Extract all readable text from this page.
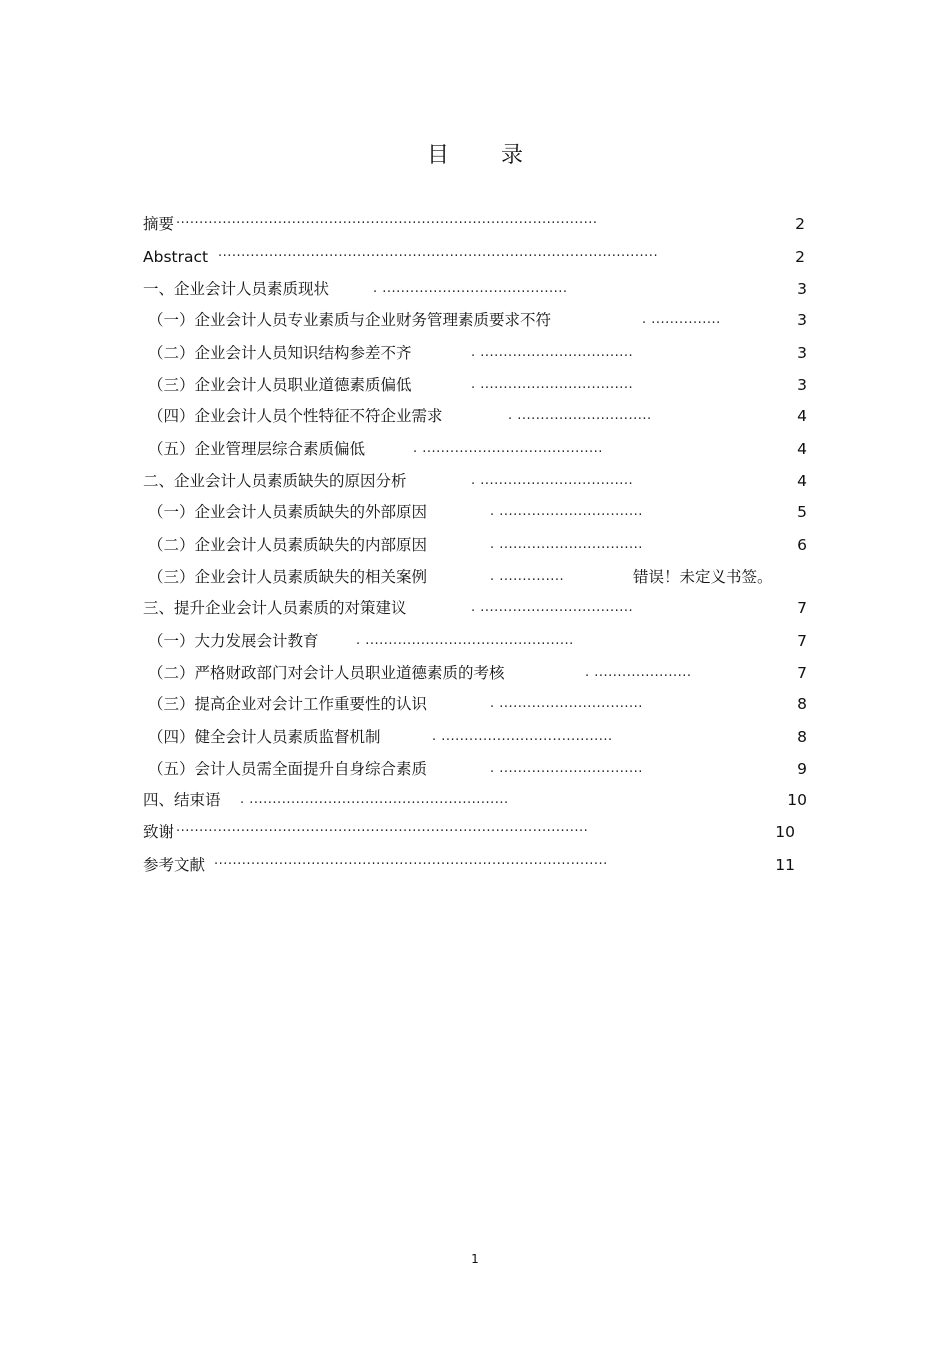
目 录
摘要 ···························································································	2
Abstract ·······························································································	2
一、企业会计人员素质现状	. ........................................	3
（一）企业会计人员专业素质与企业财务管理素质要求不符	. ...............	3
（二）企业会计人员知识结构参差不齐	. .................................	3
（三）企业会计人员职业道德素质偏低	. .................................	3
（四）企业会计人员个性特征不符企业需求	. .............................	4
（五）企业管理层综合素质偏低	. .......................................	4
二、企业会计人员素质缺失的原因分析	. .................................	4
（一）企业会计人员素质缺失的外部原因	. ...............................	5
（二）企业会计人员素质缺失的内部原因	. ...............................	6
（三）企业会计人员素质缺失的相关案例	. ..............	错误！未定义书签。
三、提升企业会计人员素质的对策建议	. .................................	7
（一）大力发展会计教育	. .............................................	7
（二）严格财政部门对会计人员职业道德素质的考核	. .....................	7
（三）提高企业对会计工作重要性的认识	. ...............................	8
（四）健全会计人员素质监督机制	. .....................................	8
（五）会计人员需全面提升自身综合素质	. ...............................	9
四、结束语 . ........................................................	10
致谢 ·························································································	10
参考文献 ·····················································································	11
1
